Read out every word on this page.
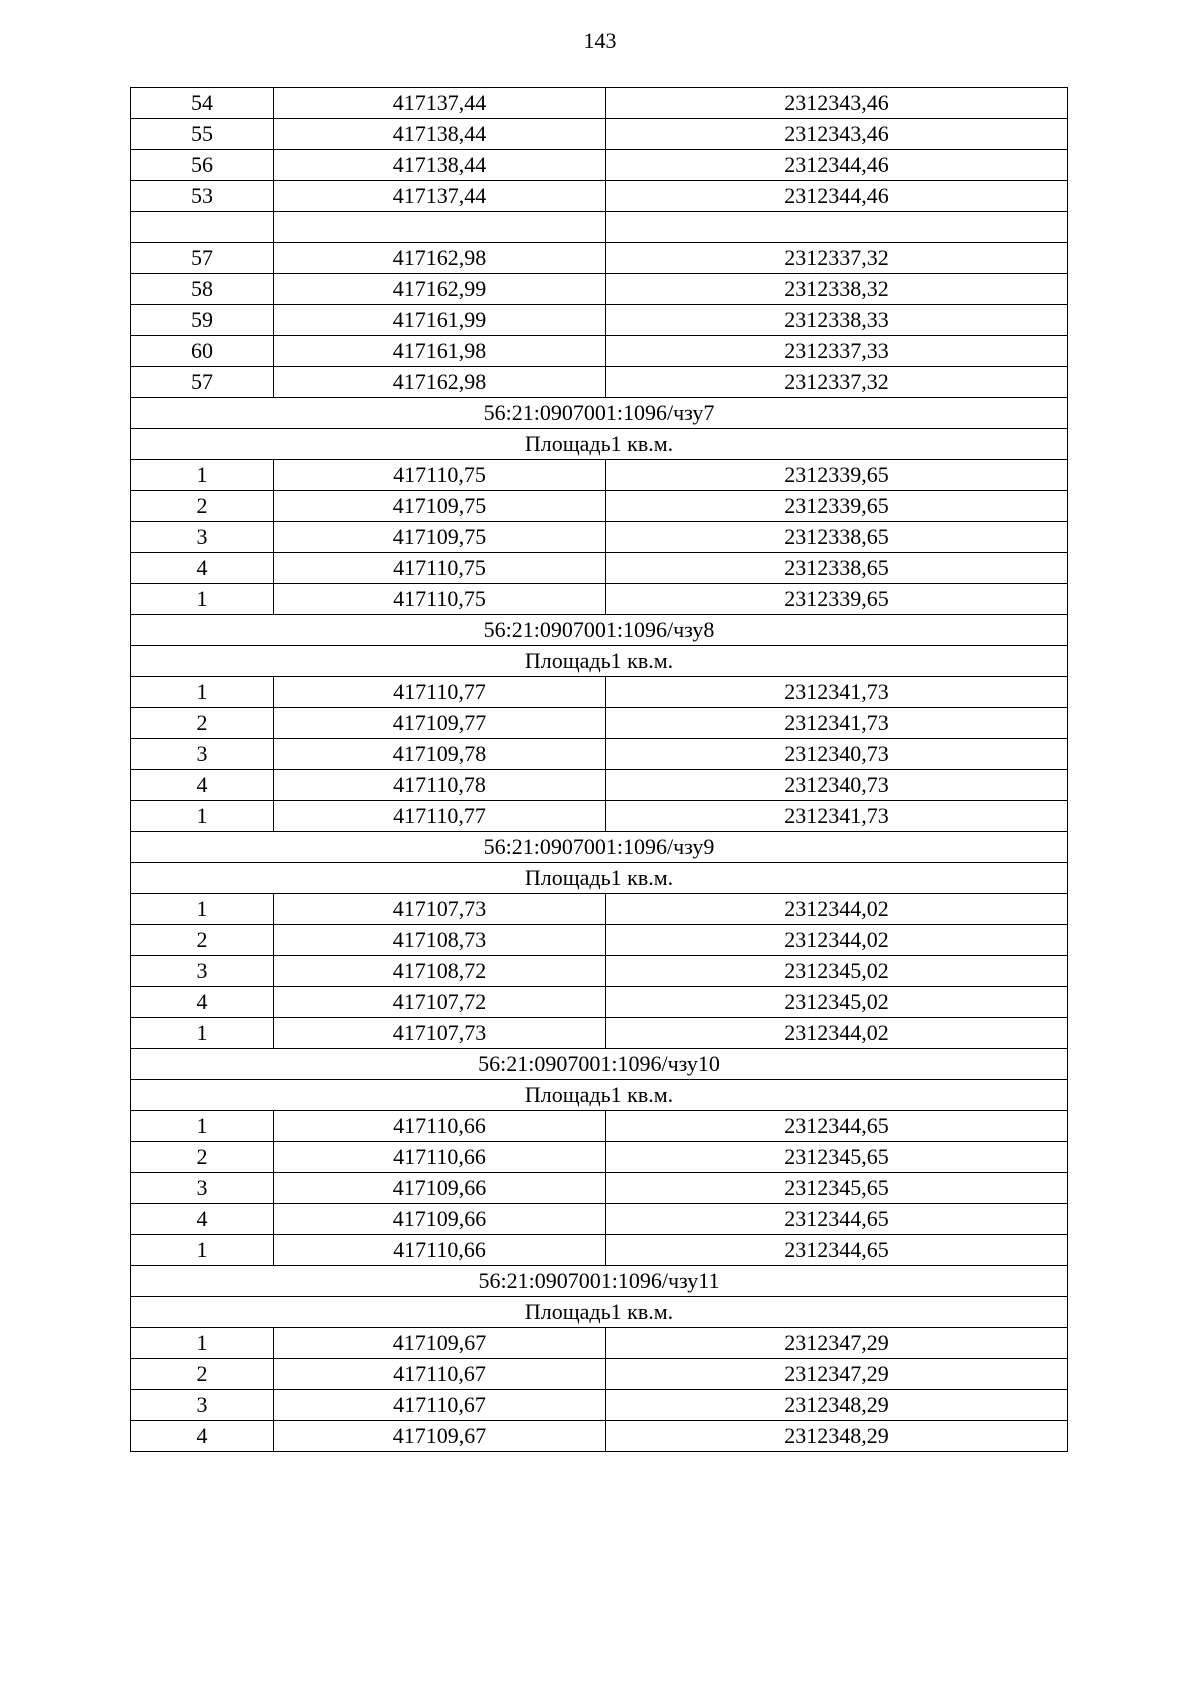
143
54	417137,44	2312343,46
55	417138,44	2312343,46
56	417138,44	2312344,46
53	417137,44	2312344,46

57	417162,98	2312337,32
58	417162,99	2312338,32
59	417161,99	2312338,33
60	417161,98	2312337,33
57	417162,98	2312337,32
56:21:0907001:1096/чзу7		
Площадь1 кв.м.		
1	417110,75	2312339,65
2	417109,75	2312339,65
3	417109,75	2312338,65
4	417110,75	2312338,65
1	417110,75	2312339,65
56:21:0907001:1096/чзу8		
Площадь1 кв.м.		
1	417110,77	2312341,73
2	417109,77	2312341,73
3	417109,78	2312340,73
4	417110,78	2312340,73
1	417110,77	2312341,73
56:21:0907001:1096/чзу9		
Площадь1 кв.м.		
1	417107,73	2312344,02
2	417108,73	2312344,02
3	417108,72	2312345,02
4	417107,72	2312345,02
1	417107,73	2312344,02
56:21:0907001:1096/чзу10		
Площадь1 кв.м.		
1	417110,66	2312344,65
2	417110,66	2312345,65
3	417109,66	2312345,65
4	417109,66	2312344,65
1	417110,66	2312344,65
56:21:0907001:1096/чзу11		
Площадь1 кв.м.		
1	417109,67	2312347,29
2	417110,67	2312347,29
3	417110,67	2312348,29
4	417109,67	2312348,29
